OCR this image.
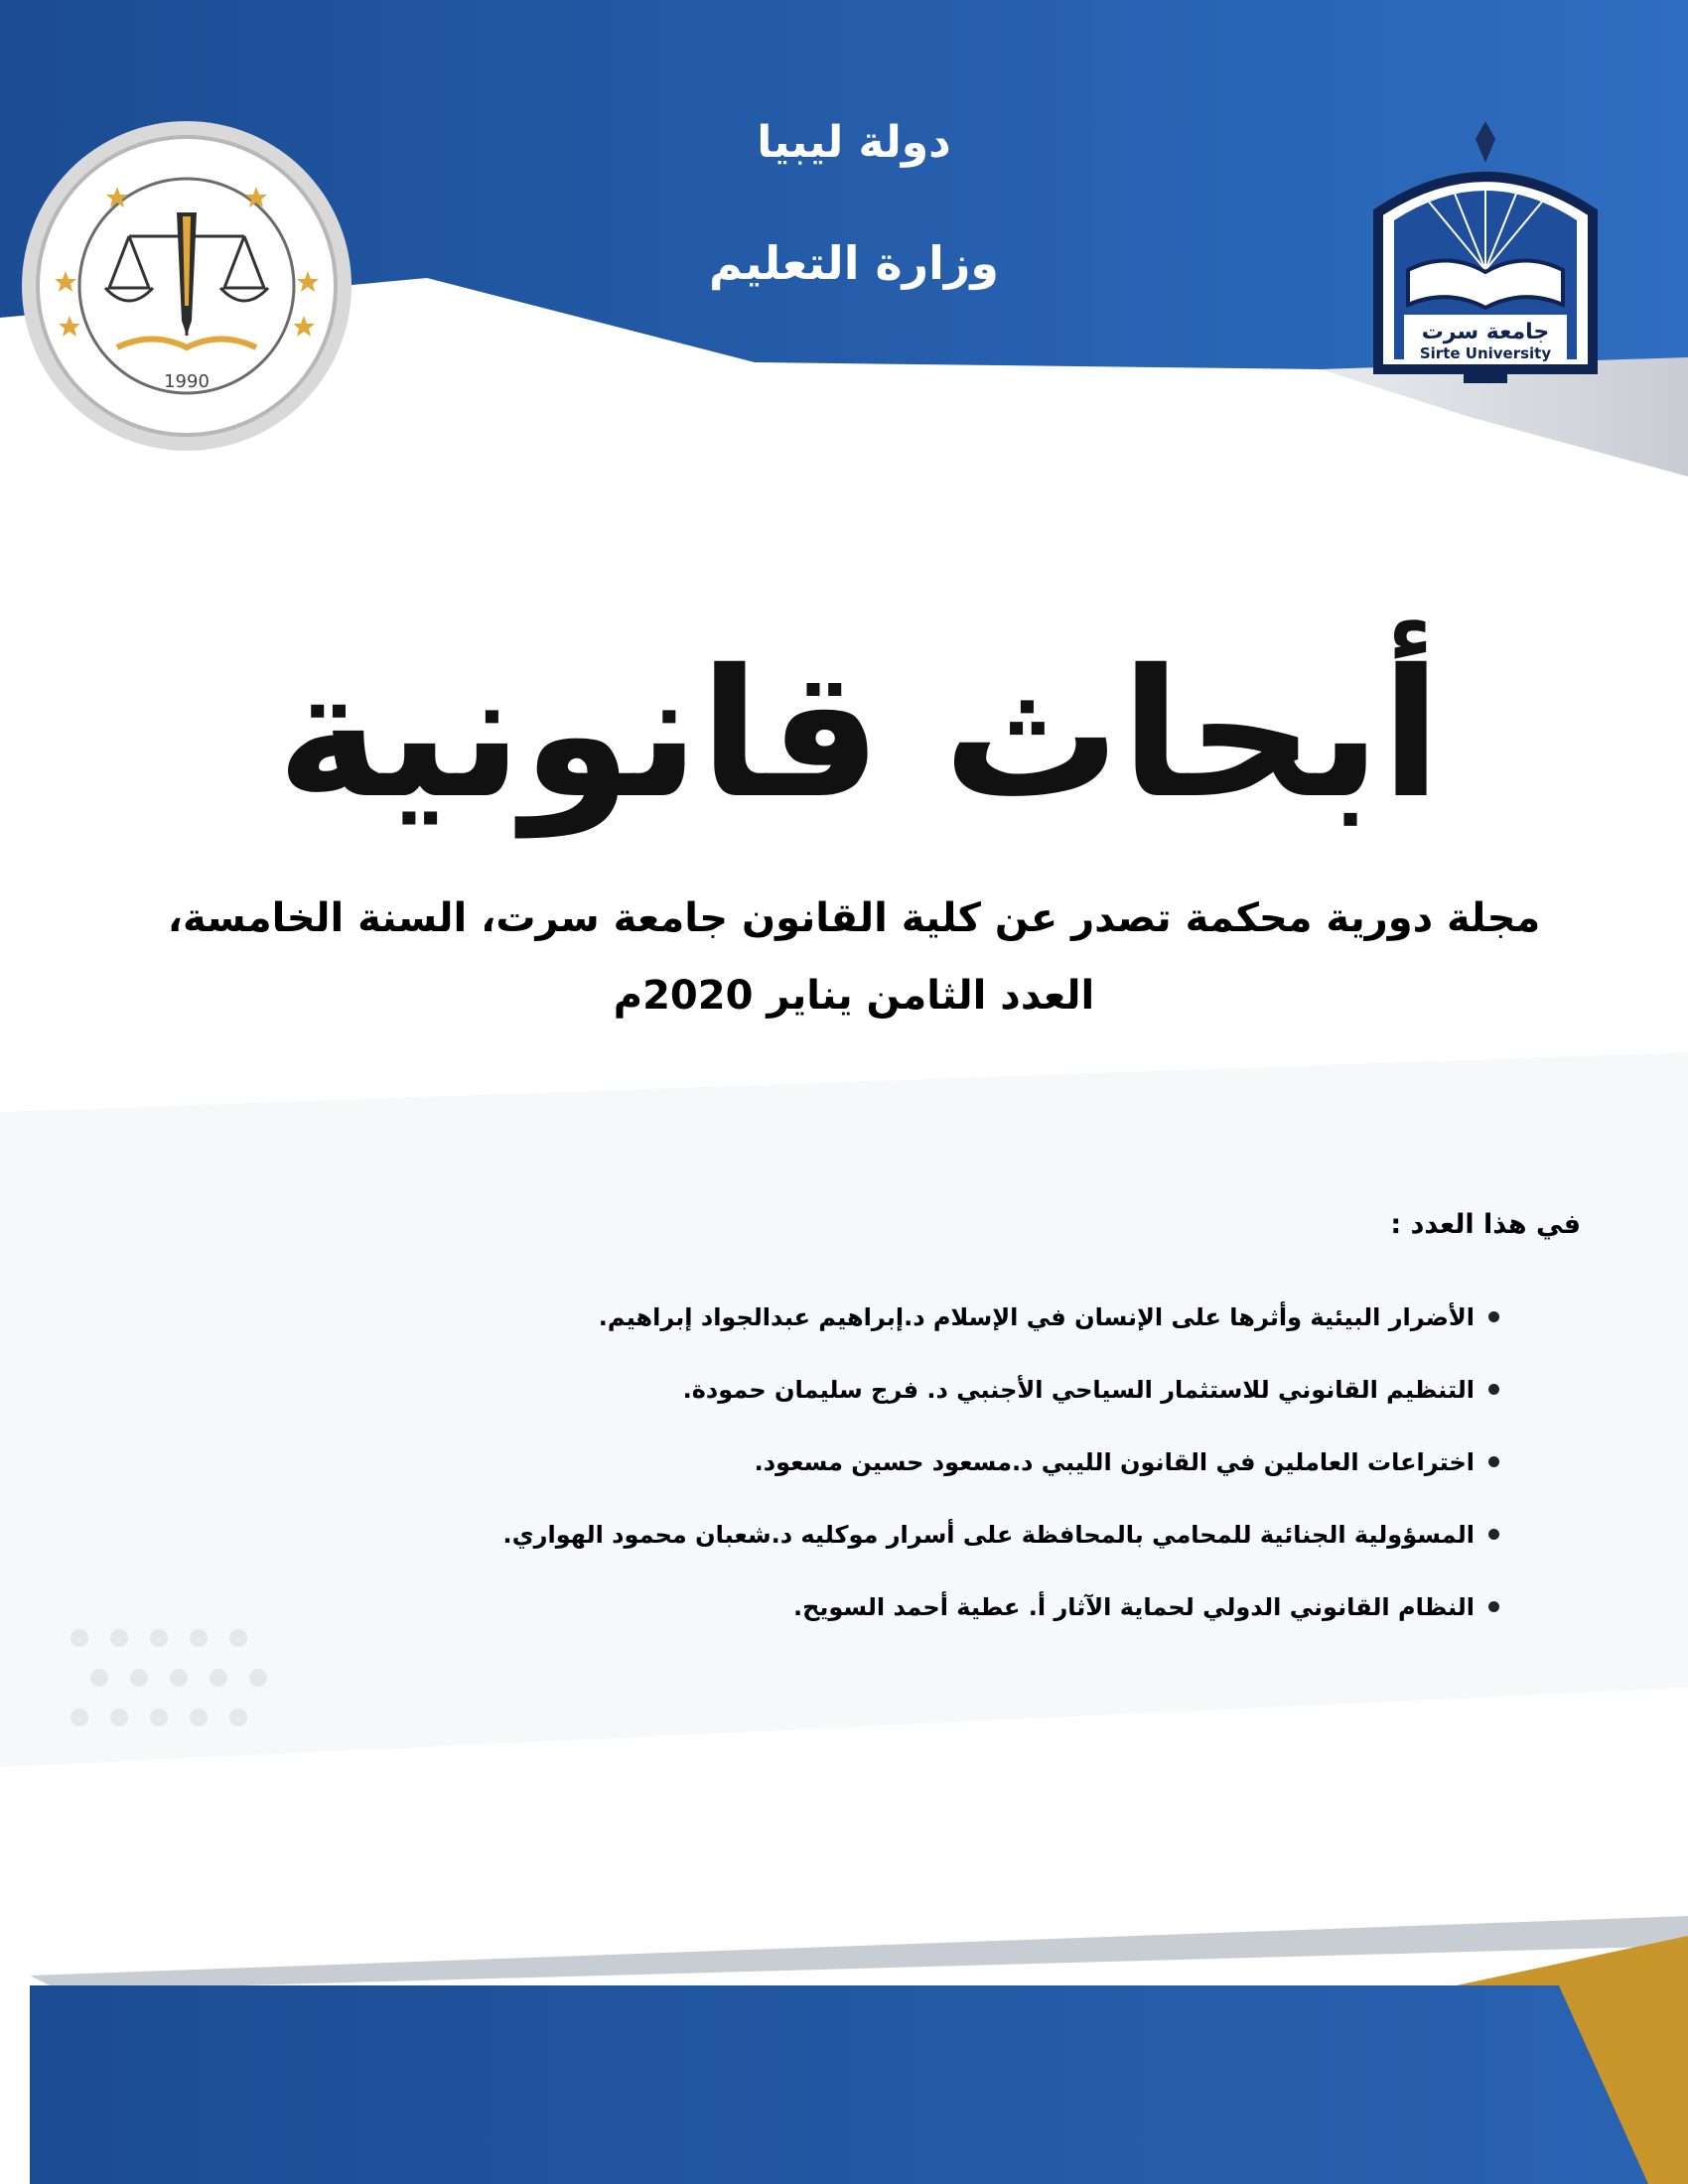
1990
جامعة سرت
Sirte University
دولة ليبيا
وزارة التعليم
أبحاث قانونية
مجلة دورية محكمة تصدر عن كلية القانون جامعة سرت، السنة الخامسة،
العدد الثامن يناير 2020م
في هذا العدد :
الأضرار البيئية وأثرها على الإنسان في الإسلام د.إبراهيم عبدالجواد إبراهيم.
التنظيم القانوني للاستثمار السياحي الأجنبي د. فرج سليمان حمودة.
اختراعات العاملين في القانون الليبي د.مسعود حسين مسعود.
المسؤولية الجنائية للمحامي بالمحافظة على أسرار موكليه د.شعبان محمود الهواري.
النظام القانوني الدولي لحماية الآثار أ. عطية أحمد السويح.
